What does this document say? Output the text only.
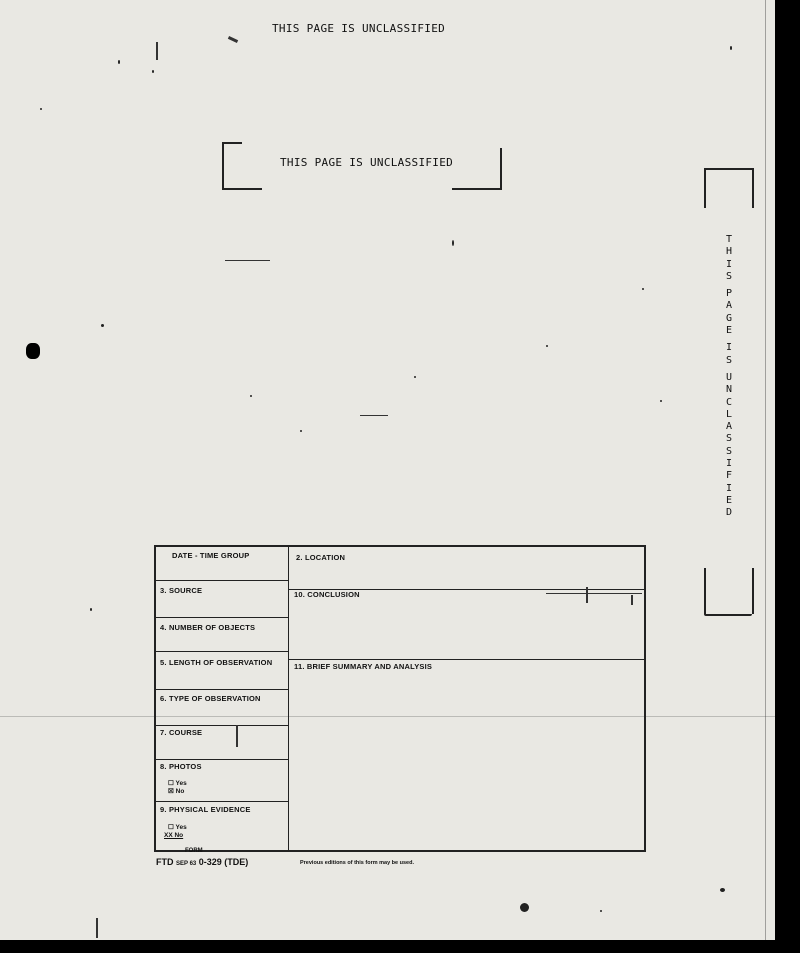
THIS PAGE IS UNCLASSIFIED
THIS PAGE IS UNCLASSIFIED
T
H
I
S

P
A
G
E

I
S

U
N
C
L
A
S
S
I
F
I
E
D
DATE - TIME GROUP	2. LOCATION
3. SOURCE	10. CONCLUSION
4. NUMBER OF OBJECTS
5. LENGTH OF OBSERVATION	11. BRIEF SUMMARY AND ANALYSIS
6. TYPE OF OBSERVATION
7. COURSE
8. PHOTOS
☐ Yes
☒ No
9. PHYSICAL EVIDENCE
☐ Yes
XX No
FORM
FTD SEP 63 0-329 (TDE)	Previous editions of this form may be used.
